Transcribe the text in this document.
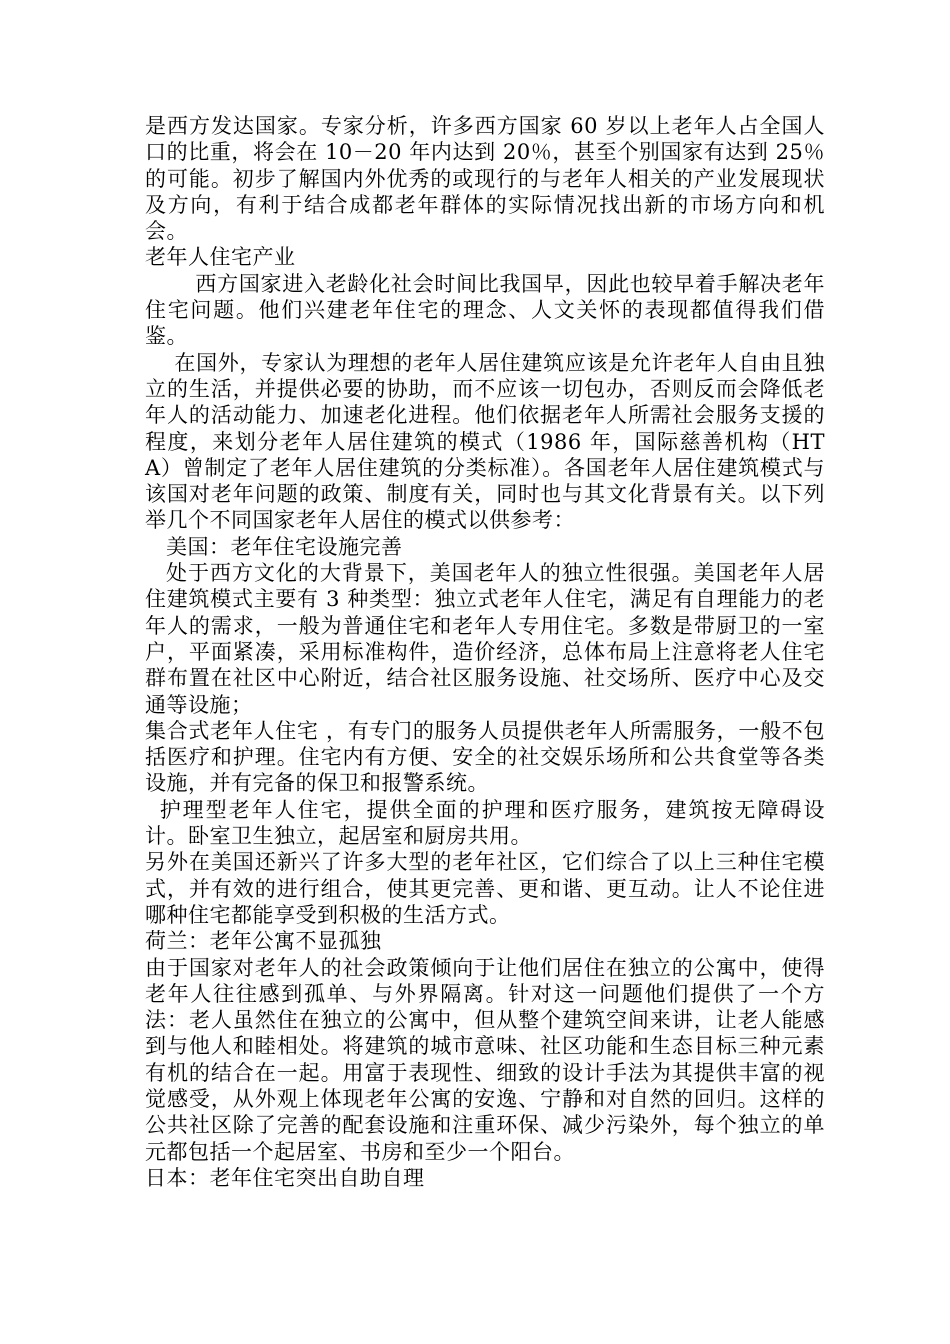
是西方发达国家。专家分析，许多西方国家 60 岁以上老年人占全国人口的比重，将会在 10－20 年内达到 20％，甚至个别国家有达到 25％的可能。初步了解国内外优秀的或现行的与老年人相关的产业发展现状及方向，有利于结合成都老年群体的实际情况找出新的市场方向和机会。

老年人住宅产业

西方国家进入老龄化社会时间比我国早，因此也较早着手解决老年住宅问题。他们兴建老年住宅的理念、人文关怀的表现都值得我们借鉴。

在国外，专家认为理想的老年人居住建筑应该是允许老年人自由且独立的生活，并提供必要的协助，而不应该一切包办，否则反而会降低老年人的活动能力、加速老化进程。他们依据老年人所需社会服务支援的程度，来划分老年人居住建筑的模式（1986 年，国际慈善机构（HTA）曾制定了老年人居住建筑的分类标准）。各国老年人居住建筑模式与该国对老年问题的政策、制度有关，同时也与其文化背景有关。以下列举几个不同国家老年人居住的模式以供参考：

美国：老年住宅设施完善

处于西方文化的大背景下，美国老年人的独立性很强。美国老年人居住建筑模式主要有 3 种类型：独立式老年人住宅，满足有自理能力的老年人的需求，一般为普通住宅和老年人专用住宅。多数是带厨卫的一室户，平面紧凑，采用标准构件，造价经济，总体布局上注意将老人住宅群布置在社区中心附近，结合社区服务设施、社交场所、医疗中心及交通等设施；

集合式老年人住宅 ，有专门的服务人员提供老年人所需服务，一般不包括医疗和护理。住宅内有方便、安全的社交娱乐场所和公共食堂等各类设施，并有完备的保卫和报警系统。

护理型老年人住宅，提供全面的护理和医疗服务，建筑按无障碍设计。卧室卫生独立，起居室和厨房共用。

另外在美国还新兴了许多大型的老年社区，它们综合了以上三种住宅模式，并有效的进行组合，使其更完善、更和谐、更互动。让人不论住进哪种住宅都能享受到积极的生活方式。

荷兰：老年公寓不显孤独

由于国家对老年人的社会政策倾向于让他们居住在独立的公寓中，使得老年人往往感到孤单、与外界隔离。针对这一问题他们提供了一个方法：老人虽然住在独立的公寓中，但从整个建筑空间来讲，让老人能感到与他人和睦相处。将建筑的城市意味、社区功能和生态目标三种元素有机的结合在一起。用富于表现性、细致的设计手法为其提供丰富的视觉感受，从外观上体现老年公寓的安逸、宁静和对自然的回归。这样的公共社区除了完善的配套设施和注重环保、减少污染外，每个独立的单元都包括一个起居室、书房和至少一个阳台。

日本：老年住宅突出自助自理
